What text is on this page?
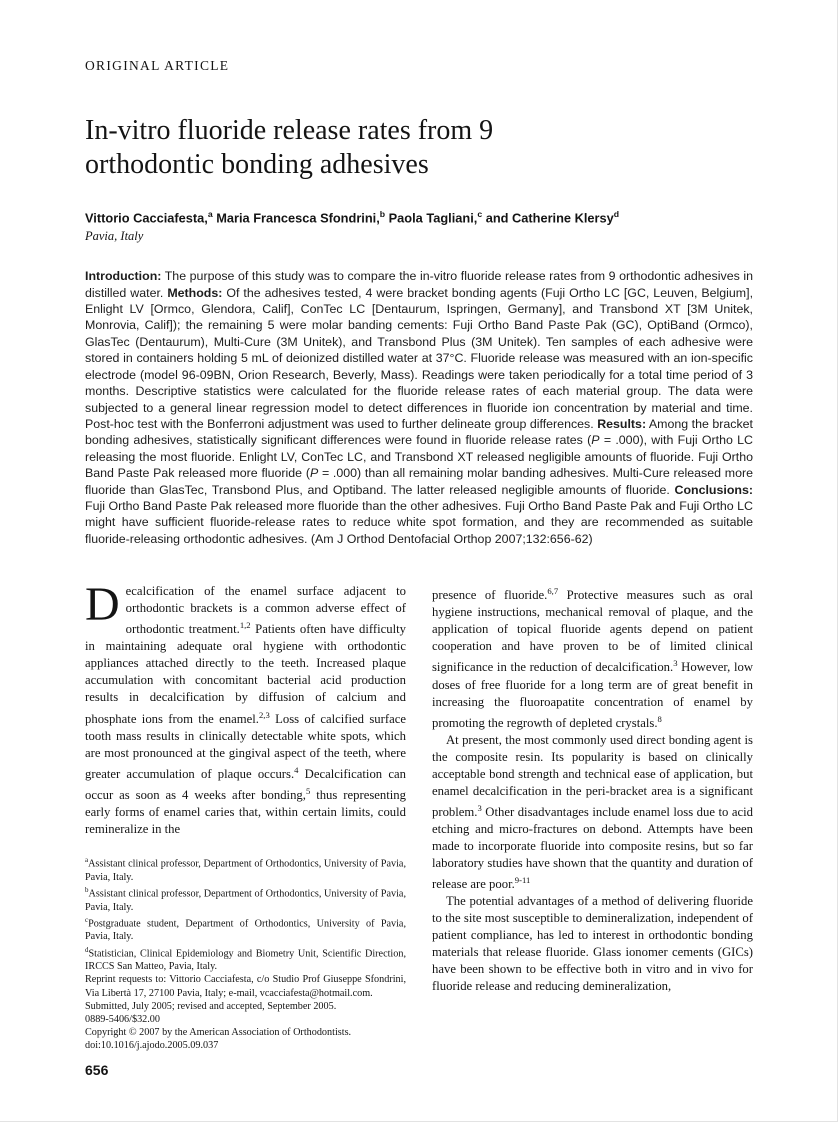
ORIGINAL ARTICLE
In-vitro fluoride release rates from 9
orthodontic bonding adhesives
Vittorio Cacciafesta,$^a$ Maria Francesca Sfondrini,$^b$ Paola Tagliani,$^c$ and Catherine Klersy$^d$
Pavia, Italy
Introduction: The purpose of this study was to compare the in-vitro fluoride release rates from 9 orthodontic adhesives in distilled water. Methods: Of the adhesives tested, 4 were bracket bonding agents (Fuji Ortho LC [GC, Leuven, Belgium], Enlight LV [Ormco, Glendora, Calif], ConTec LC [Dentaurum, Ispringen, Germany], and Transbond XT [3M Unitek, Monrovia, Calif]); the remaining 5 were molar banding cements: Fuji Ortho Band Paste Pak (GC), OptiBand (Ormco), GlasTec (Dentaurum), Multi-Cure (3M Unitek), and Transbond Plus (3M Unitek). Ten samples of each adhesive were stored in containers holding 5 mL of deionized distilled water at 37°C. Fluoride release was measured with an ion-specific electrode (model 96-09BN, Orion Research, Beverly, Mass). Readings were taken periodically for a total time period of 3 months. Descriptive statistics were calculated for the fluoride release rates of each material group. The data were subjected to a general linear regression model to detect differences in fluoride ion concentration by material and time. Post-hoc test with the Bonferroni adjustment was used to further delineate group differences. Results: Among the bracket bonding adhesives, statistically significant differences were found in fluoride release rates (P = .000), with Fuji Ortho LC releasing the most fluoride. Enlight LV, ConTec LC, and Transbond XT released negligible amounts of fluoride. Fuji Ortho Band Paste Pak released more fluoride (P = .000) than all remaining molar banding adhesives. Multi-Cure released more fluoride than GlasTec, Transbond Plus, and Optiband. The latter released negligible amounts of fluoride. Conclusions: Fuji Ortho Band Paste Pak released more fluoride than the other adhesives. Fuji Ortho Band Paste Pak and Fuji Ortho LC might have sufficient fluoride-release rates to reduce white spot formation, and they are recommended as suitable fluoride-releasing orthodontic adhesives. (Am J Orthod Dentofacial Orthop 2007;132:656-62)

Decalcification of the enamel surface adjacent to orthodontic brackets is a common adverse effect of orthodontic treatment.$^{1,2}$ Patients often have difficulty in maintaining adequate oral hygiene with orthodontic appliances attached directly to the teeth. Increased plaque accumulation with concomitant bacterial acid production results in decalcification by diffusion of calcium and phosphate ions from the enamel.$^{2,3}$ Loss of calcified surface tooth mass results in clinically detectable white spots, which are most pronounced at the gingival aspect of the teeth, where greater accumulation of plaque occurs.$^4$ Decalcification can occur as soon as 4 weeks after bonding,$^5$ thus representing early forms of enamel caries that, within certain limits, could remineralize in the

$^a$Assistant clinical professor, Department of Orthodontics, University of Pavia, Pavia, Italy.

$^b$Assistant clinical professor, Department of Orthodontics, University of Pavia, Pavia, Italy.

$^c$Postgraduate student, Department of Orthodontics, University of Pavia, Pavia, Italy.

$^d$Statistician, Clinical Epidemiology and Biometry Unit, Scientific Direction, IRCCS San Matteo, Pavia, Italy.

Reprint requests to: Vittorio Cacciafesta, c/o Studio Prof Giuseppe Sfondrini, Via Libertà 17, 27100 Pavia, Italy; e-mail, vcacciafesta@hotmail.com.

Submitted, July 2005; revised and accepted, September 2005.

0889-5406/$32.00

Copyright © 2007 by the American Association of Orthodontists.

doi:10.1016/j.ajodo.2005.09.037

presence of fluoride.$^{6,7}$ Protective measures such as oral hygiene instructions, mechanical removal of plaque, and the application of topical fluoride agents depend on patient cooperation and have proven to be of limited clinical significance in the reduction of decalcification.$^3$ However, low doses of free fluoride for a long term are of great benefit in increasing the fluoroapatite concentration of enamel by promoting the regrowth of depleted crystals.$^8$

At present, the most commonly used direct bonding agent is the composite resin. Its popularity is based on clinically acceptable bond strength and technical ease of application, but enamel decalcification in the peri-bracket area is a significant problem.$^3$ Other disadvantages include enamel loss due to acid etching and micro-fractures on debond. Attempts have been made to incorporate fluoride into composite resins, but so far laboratory studies have shown that the quantity and duration of release are poor.$^{9-11}$

The potential advantages of a method of delivering fluoride to the site most susceptible to demineralization, independent of patient compliance, has led to interest in orthodontic bonding materials that release fluoride. Glass ionomer cements (GICs) have been shown to be effective both in vitro and in vivo for fluoride release and reducing demineralization,

656
